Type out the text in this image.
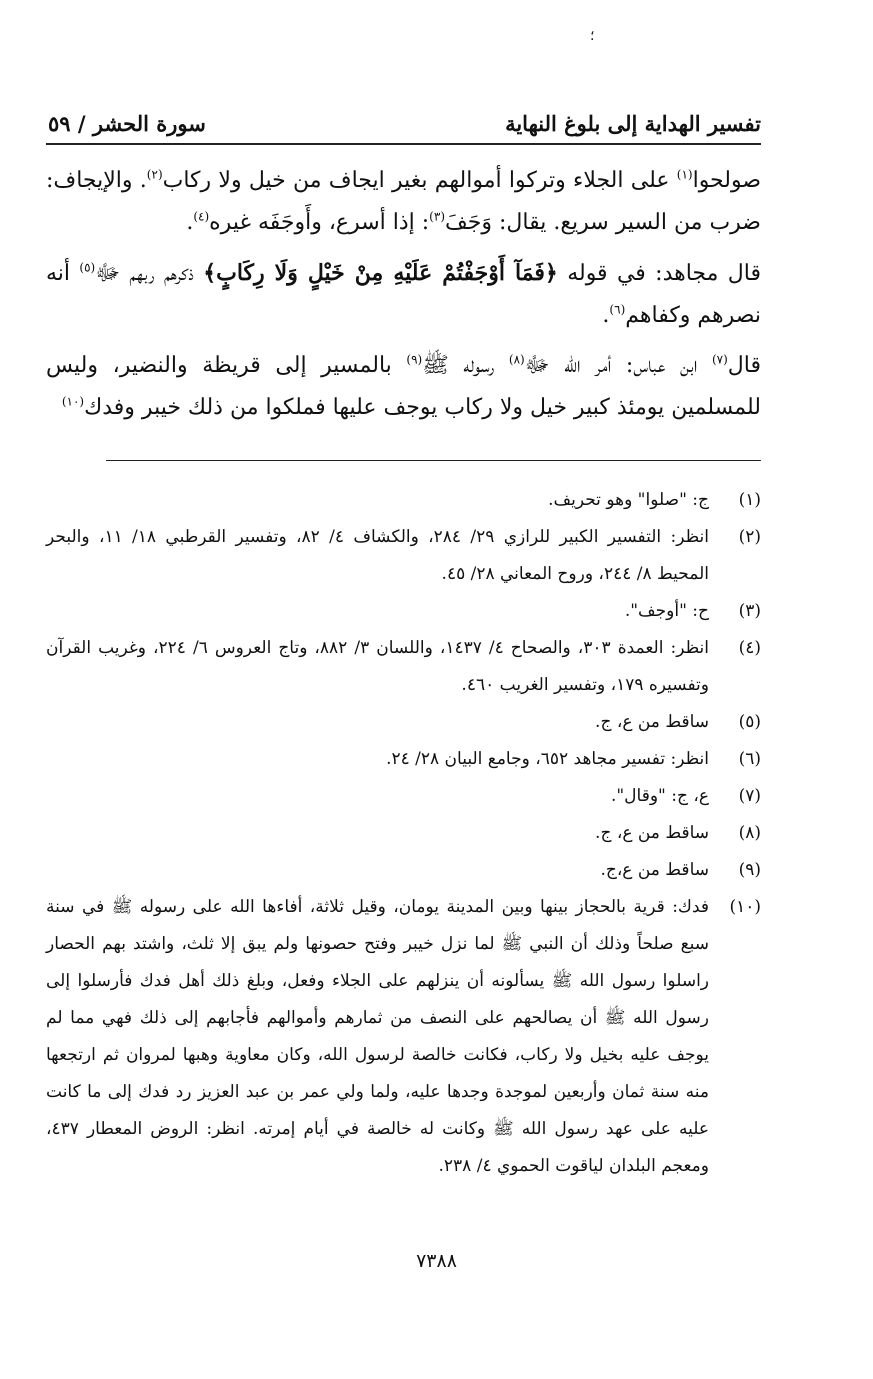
؛
تفسير الهداية إلى بلوغ النهاية
سورة الحشر / ٥٩

صولحوا$^{(١)}$ على الجلاء وتركوا أموالهم بغير ايجاف من خيل ولا ركاب$^{(٢)}$. والإيجاف: ضرب من السير سريع. يقال: وَجَفَ$^{(٣)}$: إذا أسرع، وأَوجَفَه غيره$^{(٤)}$.

قال مجاهد: في قوله ﴿فَمَآ أَوْجَفْتُمْ عَلَيْهِ مِنْ خَيْلٍ وَلَا رِكَابٍ﴾ ذكرهم ربهم ﷻ$^{(٥)}$ أنه نصرهم وكفاهم$^{(٦)}$.

قال$^{(٧)}$ ابن عباس: أمر الله ﷻ$^{(٨)}$ رسوله ﷺ$^{(٩)}$ بالمسير إلى قريظة والنضير، وليس للمسلمين يومئذ كبير خيل ولا ركاب يوجف عليها فملكوا من ذلك خيبر وفدك$^{(١٠)}$

(١)
ج: "صلوا" وهو تحريف.
(٢)
انظر: التفسير الكبير للرازي ٢٩/ ٢٨٤، والكشاف ٤/ ٨٢، وتفسير القرطبي ١٨/ ١١، والبحر المحيط ٨/ ٢٤٤، وروح المعاني ٢٨/ ٤٥.
(٣)
ح: "أوجف".
(٤)
انظر: العمدة ٣٠٣، والصحاح ٤/ ١٤٣٧، واللسان ٣/ ٨٨٢، وتاج العروس ٦/ ٢٢٤، وغريب القرآن وتفسيره ١٧٩، وتفسير الغريب ٤٦٠.
(٥)
ساقط من ع، ج.
(٦)
انظر: تفسير مجاهد ٦٥٢، وجامع البيان ٢٨/ ٢٤.
(٧)
ع، ج: "وقال".
(٨)
ساقط من ع، ج.
(٩)
ساقط من ع،ج.
(١٠)
فدك: قرية بالحجاز بينها وبين المدينة يومان، وقيل ثلاثة، أفاءها الله على رسوله ﷺ في سنة سبع صلحاً وذلك أن النبي ﷺ لما نزل خيبر وفتح حصونها ولم يبق إلا ثلث، واشتد بهم الحصار راسلوا رسول الله ﷺ يسألونه أن ينزلهم على الجلاء وفعل، وبلغ ذلك أهل فدك فأرسلوا إلى رسول الله ﷺ أن يصالحهم على النصف من ثمارهم وأموالهم فأجابهم إلى ذلك فهي مما لم يوجف عليه بخيل ولا ركاب، فكانت خالصة لرسول الله، وكان معاوية وهبها لمروان ثم ارتجعها منه سنة ثمان وأربعين لموجدة وجدها عليه، ولما ولي عمر بن عبد العزيز رد فدك إلى ما كانت عليه على عهد رسول الله ﷺ وكانت له خالصة في أيام إمرته. انظر: الروض المعطار ٤٣٧، ومعجم البلدان لياقوت الحموي ٤/ ٢٣٨.
٧٣٨٨
